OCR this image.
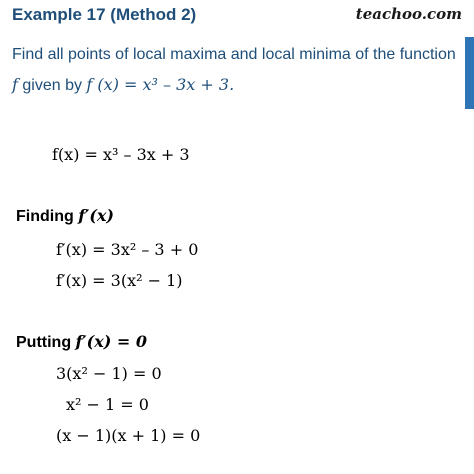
Example 17 (Method 2)	teachoo.com
Find all points of local maxima and local minima of the function
f given by f (x) = x³ – 3x + 3.
f(x) = x³ – 3x + 3
Finding f′(x)
f′(x) = 3x² – 3 + 0
f′(x) = 3(x² − 1)
Putting f′(x) = 0
3(x² − 1) = 0
x² − 1 = 0
(x − 1)(x + 1) = 0
